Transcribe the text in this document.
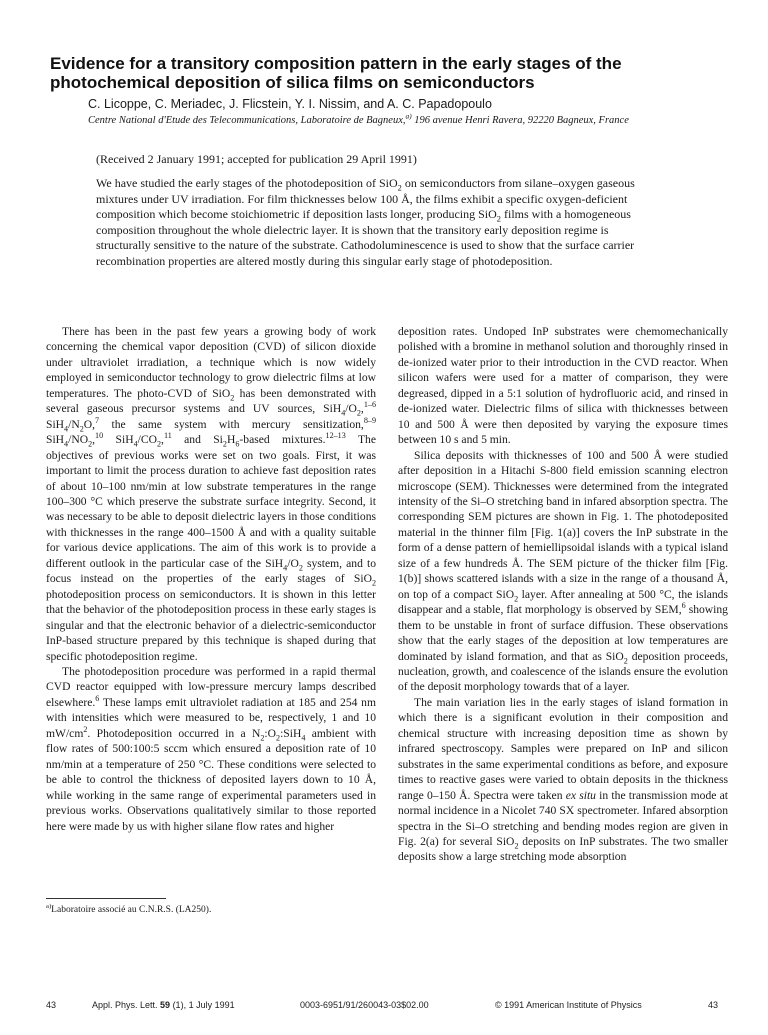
Evidence for a transitory composition pattern in the early stages of the photochemical deposition of silica films on semiconductors
C. Licoppe, C. Meriadec, J. Flicstein, Y. I. Nissim, and A. C. Papadopoulo
Centre National d'Etude des Telecommunications, Laboratoire de Bagneux,$^{a)}$ 196 avenue Henri Ravera, 92220 Bagneux, France
(Received 2 January 1991; accepted for publication 29 April 1991)
We have studied the early stages of the photodeposition of SiO$_2$ on semiconductors from silane–oxygen gaseous mixtures under UV irradiation. For film thicknesses below 100 Å, the films exhibit a specific oxygen-deficient composition which become stoichiometric if deposition lasts longer, producing SiO$_2$ films with a homogeneous composition throughout the whole dielectric layer. It is shown that the transitory early deposition regime is structurally sensitive to the nature of the substrate. Cathodoluminescence is used to show that the surface carrier recombination properties are altered mostly during this singular early stage of photodeposition.

There has been in the past few years a growing body of work concerning the chemical vapor deposition (CVD) of silicon dioxide under ultraviolet irradiation, a technique which is now widely employed in semiconductor technology to grow dielectric films at low temperatures. The photo-CVD of SiO$_2$ has been demonstrated with several gaseous precursor systems and UV sources, $SiH_4/O_2,^{1-6}$ $SiH_4/N_2O,^7$ the same system with mercury sensitization,$^{8-9}$ $SiH_4/NO_2,^{10}$ $SiH_4/CO_2,^{11}$ and $Si_2H_6$-based mixtures.$^{12-13}$ The objectives of previous works were set on two goals. First, it was important to limit the process duration to achieve fast deposition rates of about 10–100 nm/min at low substrate temperatures in the range 100–300 °C which preserve the substrate surface integrity. Second, it was necessary to be able to deposit dielectric layers in those conditions with thicknesses in the range 400–1500 Å and with a quality suitable for various device applications. The aim of this work is to provide a different outlook in the particular case of the $SiH_4/O_2$ system, and to focus instead on the properties of the early stages of SiO$_2$ photodeposition process on semiconductors. It is shown in this letter that the behavior of the photodeposition process in these early stages is singular and that the electronic behavior of a dielectric-semiconductor InP-based structure prepared by this technique is shaped during that specific photodeposition regime.

The photodeposition procedure was performed in a rapid thermal CVD reactor equipped with low-pressure mercury lamps described elsewhere.$^6$ These lamps emit ultraviolet radiation at 185 and 254 nm with intensities which were measured to be, respectively, 1 and 10 $mW/cm^2$. Photodeposition occurred in a $N_2:O_2:SiH_4$ ambient with flow rates of 500:100:5 sccm which ensured a deposition rate of 10 nm/min at a temperature of 250 °C. These conditions were selected to be able to control the thickness of deposited layers down to 10 Å, while working in the same range of experimental parameters used in previous works. Observations qualitatively similar to those reported here were made by us with higher silane flow rates and higher

deposition rates. Undoped InP substrates were chemomechanically polished with a bromine in methanol solution and thoroughly rinsed in de-ionized water prior to their introduction in the CVD reactor. When silicon wafers were used for a matter of comparison, they were degreased, dipped in a 5:1 solution of hydrofluoric acid, and rinsed in de-ionized water. Dielectric films of silica with thicknesses between 10 and 500 Å were then deposited by varying the exposure times between 10 s and 5 min.

Silica deposits with thicknesses of 100 and 500 Å were studied after deposition in a Hitachi S-800 field emission scanning electron microscope (SEM). Thicknesses were determined from the integrated intensity of the Si–O stretching band in infared absorption spectra. The corresponding SEM pictures are shown in Fig. 1. The photodeposited material in the thinner film [Fig. 1(a)] covers the InP substrate in the form of a dense pattern of hemiellipsoidal islands with a typical island size of a few hundreds Å. The SEM picture of the thicker film [Fig. 1(b)] shows scattered islands with a size in the range of a thousand Å, on top of a compact SiO$_2$ layer. After annealing at 500 °C, the islands disappear and a stable, flat morphology is observed by SEM,$^6$ showing them to be unstable in front of surface diffusion. These observations show that the early stages of the deposition at low temperatures are dominated by island formation, and that as SiO$_2$ deposition proceeds, nucleation, growth, and coalescence of the islands ensure the evolution of the deposit morphology towards that of a layer.

The main variation lies in the early stages of island formation in which there is a significant evolution in their composition and chemical structure with increasing deposition time as shown by infrared spectroscopy. Samples were prepared on InP and silicon substrates in the same experimental conditions as before, and exposure times to reactive gases were varied to obtain deposits in the thickness range 0–150 Å. Spectra were taken ex situ in the transmission mode at normal incidence in a Nicolet 740 SX spectrometer. Infared absorption spectra in the Si–O stretching and bending modes region are given in Fig. 2(a) for several SiO$_2$ deposits on InP substrates. The two smaller deposits show a large stretching mode absorption

$^{a)}$Laboratoire associé au C.N.R.S. (LA250).
43	Appl. Phys. Lett. 59 (1), 1 July 1991	0003-6951/91/260043-03$02.00	© 1991 American Institute of Physics	43
